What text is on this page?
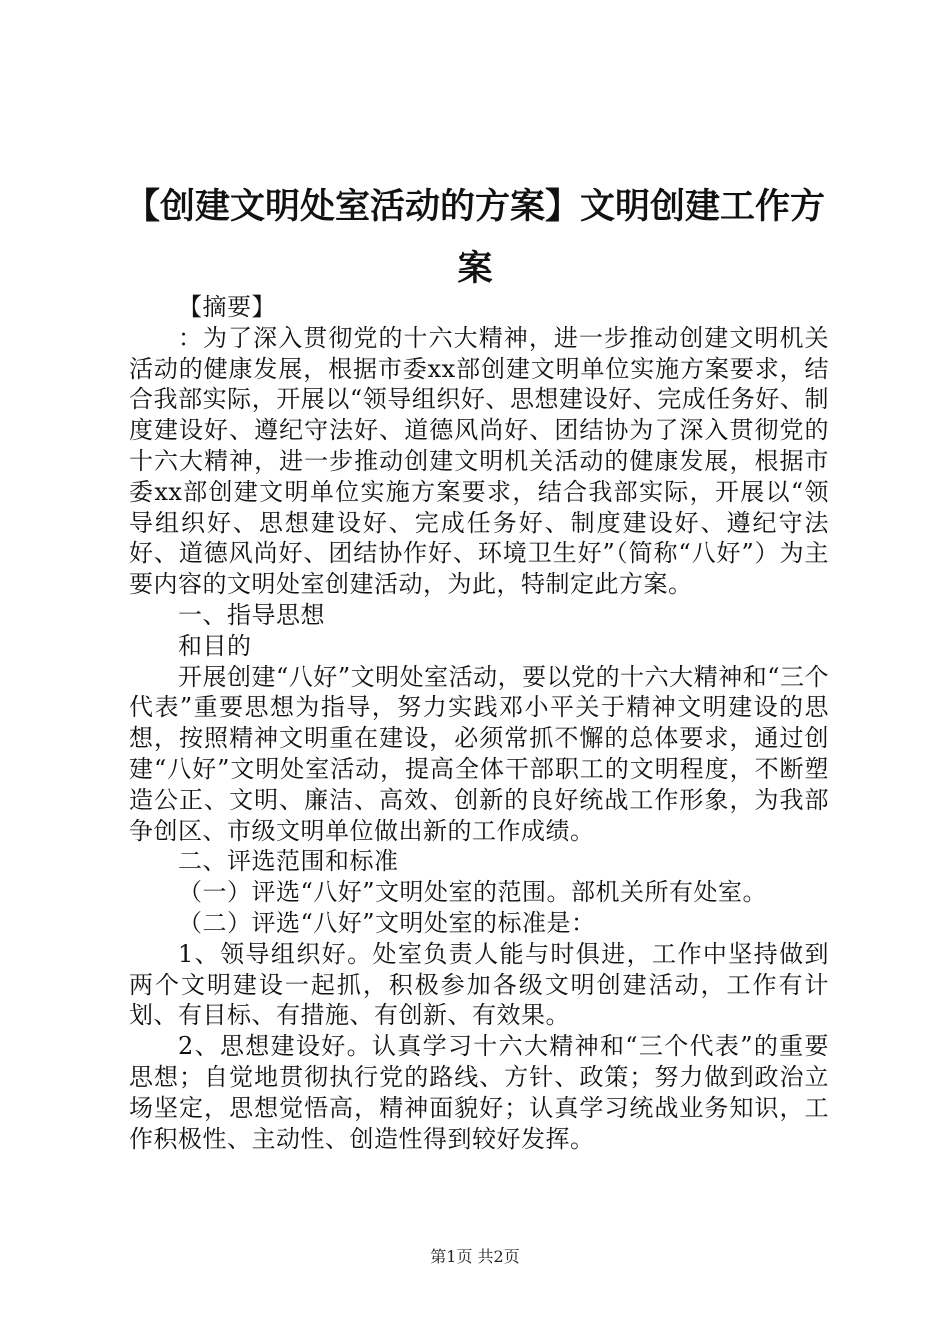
【创建文明处室活动的方案】文明创建工作方案

【摘要】

：为了深入贯彻党的十六大精神，进一步推动创建文明机关活动的健康发展，根据市委xx部创建文明单位实施方案要求，结合我部实际，开展以“领导组织好、思想建设好、完成任务好、制度建设好、遵纪守法好、道德风尚好、团结协为了深入贯彻党的十六大精神，进一步推动创建文明机关活动的健康发展，根据市委xx部创建文明单位实施方案要求，结合我部实际，开展以“领导组织好、思想建设好、完成任务好、制度建设好、遵纪守法好、道德风尚好、团结协作好、环境卫生好”（简称“八好”）为主要内容的文明处室创建活动，为此，特制定此方案。

一、指导思想

和目的

开展创建“八好”文明处室活动，要以党的十六大精神和“三个代表”重要思想为指导，努力实践邓小平关于精神文明建设的思想，按照精神文明重在建设，必须常抓不懈的总体要求，通过创建“八好”文明处室活动，提高全体干部职工的文明程度，不断塑造公正、文明、廉洁、高效、创新的良好统战工作形象，为我部争创区、市级文明单位做出新的工作成绩。

二、评选范围和标准

（一）评选“八好”文明处室的范围。部机关所有处室。

（二）评选“八好”文明处室的标准是：

1、领导组织好。处室负责人能与时俱进，工作中坚持做到两个文明建设一起抓，积极参加各级文明创建活动，工作有计划、有目标、有措施、有创新、有效果。

2、思想建设好。认真学习十六大精神和“三个代表”的重要思想；自觉地贯彻执行党的路线、方针、政策；努力做到政治立场坚定，思想觉悟高，精神面貌好；认真学习统战业务知识，工作积极性、主动性、创造性得到较好发挥。

第1页 共2页
